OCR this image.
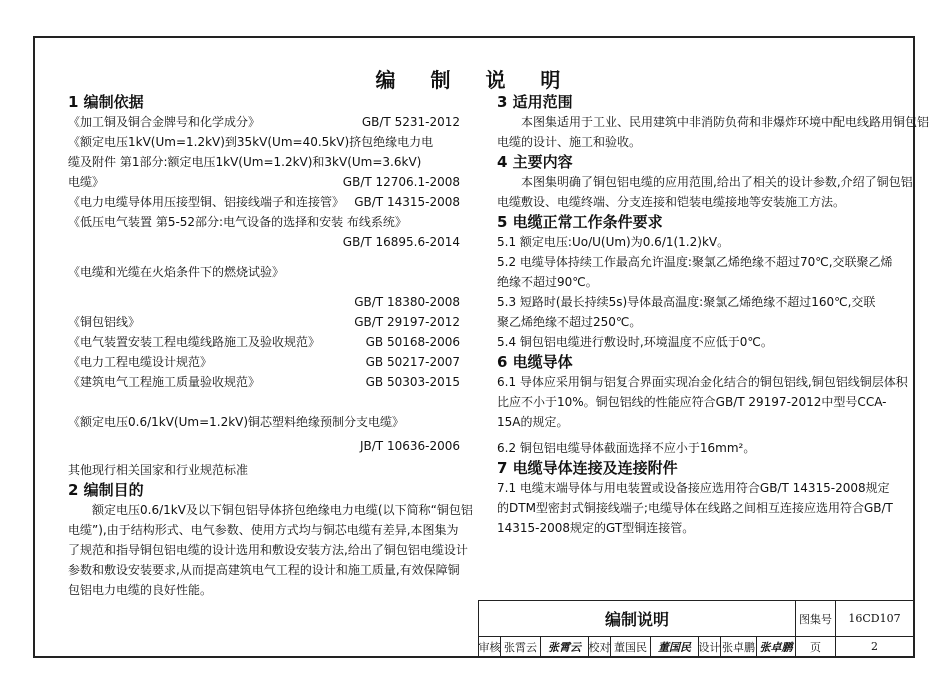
编 制 说 明
1 编制依据
《加工铜及铜合金牌号和化学成分》	GB/T 5231-2012
《额定电压1kV(Um=1.2kV)到35kV(Um=40.5kV)挤包绝缘电力电
缆及附件 第1部分:额定电压1kV(Um=1.2kV)和3kV(Um=3.6kV)
电缆》	GB/T 12706.1-2008
《电力电缆导体用压接型铜、铝接线端子和连接管》 GB/T 14315-2008
《低压电气装置 第5-52部分:电气设备的选择和安装 布线系统》
GB/T 16895.6-2014
《电缆和光缆在火焰条件下的燃烧试验》
GB/T 18380-2008
《铜包铝线》	GB/T 29197-2012
《电气装置安装工程电缆线路施工及验收规范》	GB 50168-2006
《电力工程电缆设计规范》	GB 50217-2007
《建筑电气工程施工质量验收规范》	GB 50303-2015
《额定电压0.6/1kV(Um=1.2kV)铜芯塑料绝缘预制分支电缆》
JB/T 10636-2006
其他现行相关国家和行业规范标准
2 编制目的
额定电压0.6/1kV及以下铜包铝导体挤包绝缘电力电缆(以下简称“铜包铝
电缆”),由于结构形式、电气参数、使用方式均与铜芯电缆有差异,本图集为
了规范和指导铜包铝电缆的设计选用和敷设安装方法,给出了铜包铝电缆设计
参数和敷设安装要求,从而提高建筑电气工程的设计和施工质量,有效保障铜
包铝电力电缆的良好性能。
3 适用范围
本图集适用于工业、民用建筑中非消防负荷和非爆炸环境中配电线路用铜包铝
电缆的设计、施工和验收。
4 主要内容
本图集明确了铜包铝电缆的应用范围,给出了相关的设计参数,介绍了铜包铝
电缆敷设、电缆终端、分支连接和铠装电缆接地等安装施工方法。
5 电缆正常工作条件要求
5.1 额定电压:Uo/U(Um)为0.6/1(1.2)kV。
5.2 电缆导体持续工作最高允许温度:聚氯乙烯绝缘不超过70℃,交联聚乙烯
绝缘不超过90℃。
5.3 短路时(最长持续5s)导体最高温度:聚氯乙烯绝缘不超过160℃,交联
聚乙烯绝缘不超过250℃。
5.4 铜包铝电缆进行敷设时,环境温度不应低于0℃。
6 电缆导体
6.1 导体应采用铜与铝复合界面实现冶金化结合的铜包铝线,铜包铝线铜层体积
比应不小于10%。铜包铝线的性能应符合GB/T 29197-2012中型号CCA-
15A的规定。
6.2 铜包铝电缆导体截面选择不应小于16mm²。
7 电缆导体连接及连接附件
7.1 电缆末端导体与用电装置或设备接应选用符合GB/T 14315-2008规定
的DTM型密封式铜接线端子;电缆导体在线路之间相互连接应选用符合GB/T
14315-2008规定的GT型铜连接管。
编制说明	图集号	16CD107
审核 张霄云	张霄云 校对 董国民	董国民 设计 张卓鹏 张卓鹏	页	2
